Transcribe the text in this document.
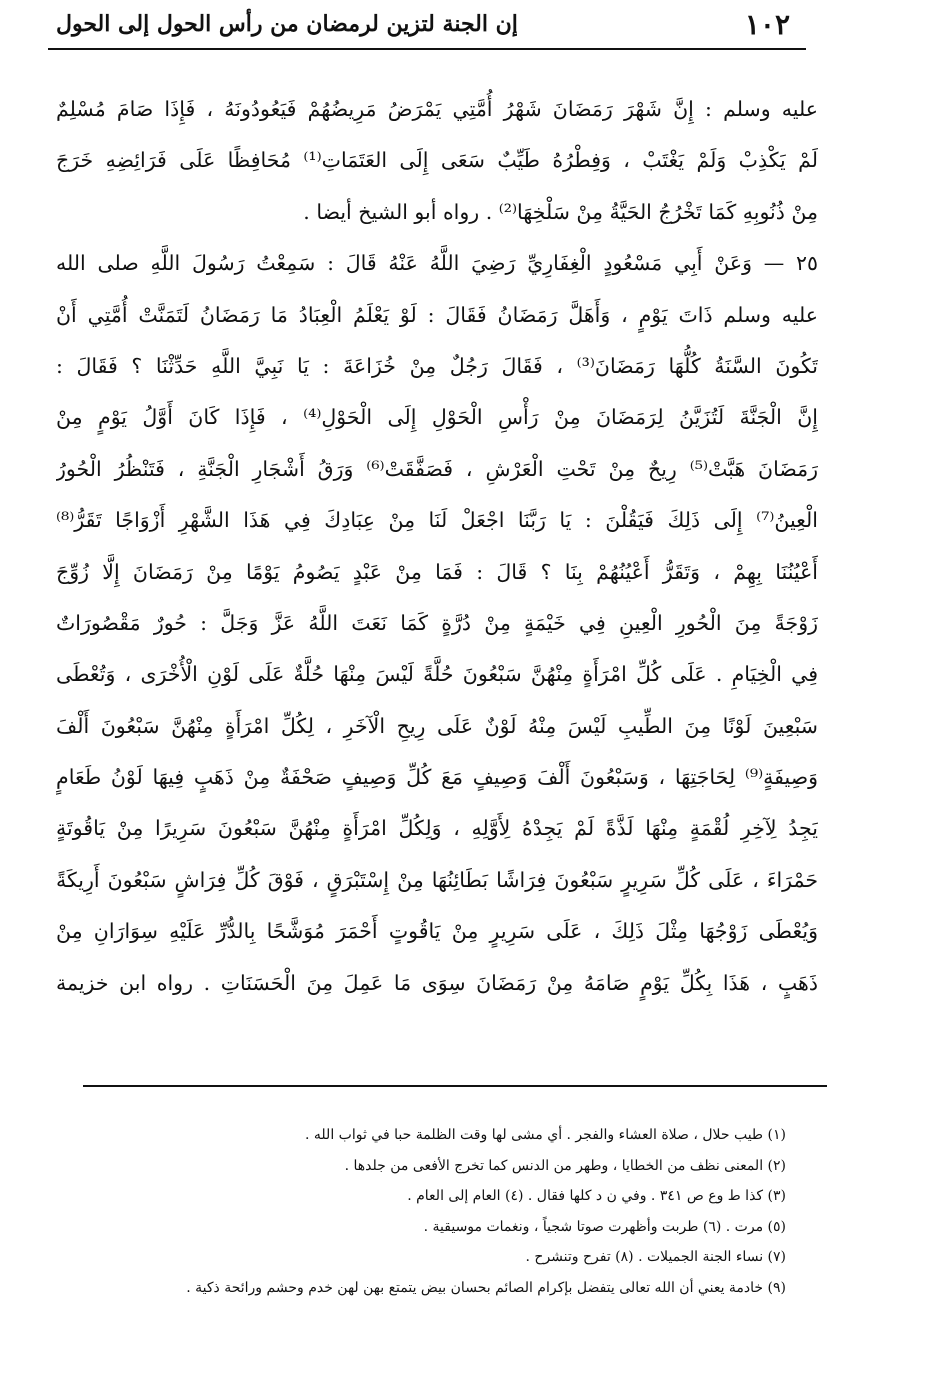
١٠٢
إن الجنة لتزين لرمضان من رأس الحول إلى الحول
عليه وسلم : إِنَّ شَهْرَ رَمَضَانَ شَهْرُ أُمَّتِي يَمْرَضُ مَرِيضُهُمْ فَيَعُودُونَهُ ، فَإِذَا صَامَ مُسْلِمٌ
لَمْ يَكْذِبْ وَلَمْ يَغْتَبْ ، وَفِطْرُهُ طَيِّبٌ سَعَى إِلَى العَتَمَاتِ⁽¹⁾ مُحَافِظًا عَلَى فَرَائِضِهِ خَرَجَ
مِنْ ذُنُوبِهِ كَمَا تَخْرُجُ الحَيَّةُ مِنْ سَلْخِهَا⁽²⁾ . رواه أبو الشيخ أيضا .
٢٥ — وَعَنْ أَبِي مَسْعُودٍ الْغِفَارِيِّ رَضِيَ اللَّهُ عَنْهُ قَالَ : سَمِعْتُ رَسُولَ اللَّهِ صلى الله
عليه وسلم ذَاتَ يَوْمٍ ، وَأَهَلَّ رَمَضَانُ فَقَالَ : لَوْ يَعْلَمُ الْعِبَادُ مَا رَمَضَانُ لَتَمَنَّتْ أُمَّتِي أَنْ
تَكُونَ السَّنَةُ كُلُّهَا رَمَضَانَ⁽³⁾ ، فَقَالَ رَجُلٌ مِنْ خُزَاعَةَ : يَا نَبِيَّ اللَّهِ حَدِّثْنَا ؟ فَقَالَ :
إِنَّ الْجَنَّةَ لَتُزَيَّنُ لِرَمَضَانَ مِنْ رَأْسِ الْحَوْلِ إِلَى الْحَوْلِ⁽⁴⁾ ، فَإِذَا كَانَ أَوَّلُ يَوْمٍ مِنْ
رَمَضَانَ هَبَّتْ⁽⁵⁾ رِيحٌ مِنْ تَحْتِ الْعَرْشِ ، فَصَفَّقَتْ⁽⁶⁾ وَرَقُ أَشْجَارِ الْجَنَّةِ ، فَتَنْظُرُ الْحُورُ
الْعِينُ⁽⁷⁾ إِلَى ذَلِكَ فَيَقُلْنَ : يَا رَبَّنَا اجْعَلْ لَنَا مِنْ عِبَادِكَ فِي هَذَا الشَّهْرِ أَزْوَاجًا تَقَرُّ⁽⁸⁾
أَعْيُنُنَا بِهِمْ ، وَتَقَرُّ أَعْيُنُهُمْ بِنَا ؟ قَالَ : فَمَا مِنْ عَبْدٍ يَصُومُ يَوْمًا مِنْ رَمَضَانَ إِلَّا زُوِّجَ
زَوْجَةً مِنَ الْحُورِ الْعِينِ فِي خَيْمَةٍ مِنْ دُرَّةٍ كَمَا نَعَتَ اللَّهُ عَزَّ وَجَلَّ : حُورٌ مَقْصُورَاتٌ
فِي الْخِيَامِ . عَلَى كُلِّ امْرَأَةٍ مِنْهُنَّ سَبْعُونَ حُلَّةً لَيْسَ مِنْهَا حُلَّةٌ عَلَى لَوْنِ الْأُخْرَى ، وَتُعْطَى
سَبْعِينَ لَوْنًا مِنَ الطِّيبِ لَيْسَ مِنْهُ لَوْنٌ عَلَى رِيحِ الْآخَرِ ، لِكُلِّ امْرَأَةٍ مِنْهُنَّ سَبْعُونَ أَلْفَ
وَصِيفَةٍ⁽⁹⁾ لِحَاجَتِهَا ، وَسَبْعُونَ أَلْفَ وَصِيفٍ مَعَ كُلِّ وَصِيفٍ صَحْفَةٌ مِنْ ذَهَبٍ فِيهَا لَوْنُ طَعَامٍ
يَجِدُ لِآخِرِ لُقْمَةٍ مِنْهَا لَذَّةً لَمْ يَجِدْهُ لِأَوَّلِهِ ، وَلِكُلِّ امْرَأَةٍ مِنْهُنَّ سَبْعُونَ سَرِيرًا مِنْ يَاقُوتَةٍ
حَمْرَاءَ ، عَلَى كُلِّ سَرِيرٍ سَبْعُونَ فِرَاشًا بَطَائِنُهَا مِنْ إِسْتَبْرَقٍ ، فَوْقَ كُلِّ فِرَاشٍ سَبْعُونَ أَرِيكَةً
وَيُعْطَى زَوْجُهَا مِثْلَ ذَلِكَ ، عَلَى سَرِيرٍ مِنْ يَاقُوتٍ أَحْمَرَ مُوَشَّحًا بِالدُّرِّ عَلَيْهِ سِوَارَانِ مِنْ
ذَهَبٍ ، هَذَا بِكُلِّ يَوْمٍ صَامَهُ مِنْ رَمَضَانَ سِوَى مَا عَمِلَ مِنَ الْحَسَنَاتِ . رواه ابن خزيمة
(١) طيب حلال ، صلاة العشاء والفجر . أي مشى لها وقت الظلمة حبا في ثواب الله .
(٢) المعنى نظف من الخطايا ، وطهر من الدنس كما تخرج الأفعى من جلدها .
(٣) كذا ط وع ص ٣٤١ . وفي ن د كلها فقال . (٤) العام إلى العام .
(٥) مرت . (٦) طربت وأظهرت صوتا شجياً ، ونغمات موسيقية .
(٧) نساء الجنة الجميلات . (٨) تفرح وتنشرح .
(٩) خادمة يعني أن الله تعالى يتفضل بإكرام الصائم بحسان بيض يتمتع بهن لهن خدم وحشم ورائحة ذكية .
